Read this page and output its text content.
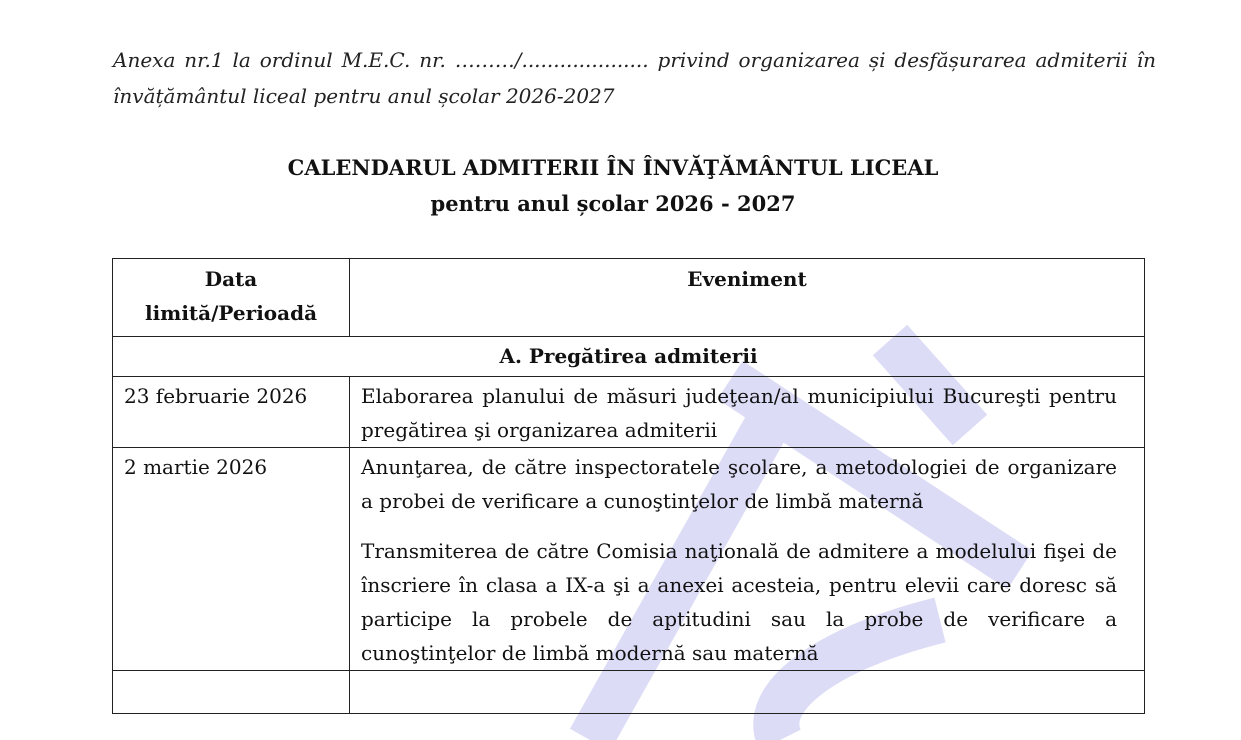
Anexa nr.1 la ordinul M.E.C. nr. ………/.................... privind organizarea și desfășurarea admiterii în învățământul liceal pentru anul școlar 2026-2027

CALENDARUL ADMITERII ÎN ÎNVĂŢĂMÂNTUL LICEAL
pentru anul școlar 2026 - 2027
Data
limită/Perioadă	Eveniment
A. Pregătirea admiterii	
23 februarie 2026	Elaborarea planului de măsuri judeţean/al municipiului Bucureşti pentru pregătirea şi organizarea admiterii

2 martie 2026	Anunţarea, de către inspectoratele şcolare, a metodologiei de organizare a probei de verificare a cunoştinţelor de limbă maternă

Transmiterea de către Comisia naţională de admitere a modelului fişei de înscriere în clasa a IX-a şi a anexei acesteia, pentru elevii care doresc să participe la probele de aptitudini sau la probe de verificare a cunoştinţelor de limbă modernă sau maternă
